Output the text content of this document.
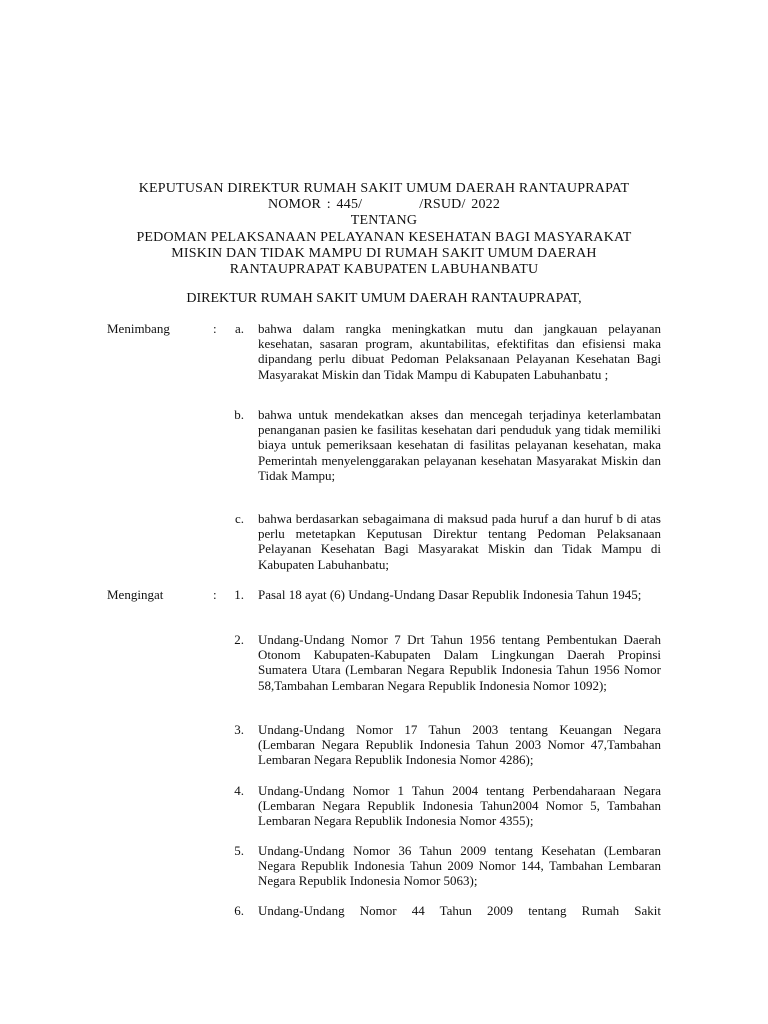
KEPUTUSAN DIREKTUR RUMAH SAKIT UMUM DAERAH RANTAUPRAPAT
NOMOR : 445/          /RSUD/ 2022
TENTANG
PEDOMAN PELAKSANAAN PELAYANAN KESEHATAN BAGI MASYARAKAT
MISKIN DAN TIDAK MAMPU DI RUMAH SAKIT UMUM DAERAH
RANTAUPRAPAT KABUPATEN LABUHANBATU
DIREKTUR RUMAH SAKIT UMUM DAERAH RANTAUPRAPAT,
Menimbang	:	a. bahwa dalam rangka meningkatkan mutu dan jangkauan pelayanan kesehatan, sasaran program, akuntabilitas, efektifitas dan efisiensi maka dipandang perlu dibuat Pedoman Pelaksanaan Pelayanan Kesehatan Bagi Masyarakat Miskin dan Tidak Mampu di Kabupaten Labuhanbatu ;
b. bahwa untuk mendekatkan akses dan mencegah terjadinya keterlambatan penanganan pasien ke fasilitas kesehatan dari penduduk yang tidak memiliki biaya untuk pemeriksaan kesehatan di fasilitas pelayanan kesehatan, maka Pemerintah menyelenggarakan pelayanan kesehatan Masyarakat Miskin dan Tidak Mampu;
c. bahwa berdasarkan sebagaimana di maksud pada huruf a dan huruf b di atas perlu metetapkan Keputusan Direktur tentang Pedoman Pelaksanaan Pelayanan Kesehatan Bagi Masyarakat Miskin dan Tidak Mampu di Kabupaten Labuhanbatu;
Mengingat	:	1. Pasal 18 ayat (6) Undang-Undang Dasar Republik Indonesia Tahun 1945;
2. Undang-Undang Nomor 7 Drt Tahun 1956 tentang Pembentukan Daerah Otonom Kabupaten-Kabupaten Dalam Lingkungan Daerah Propinsi Sumatera Utara (Lembaran Negara Republik Indonesia Tahun 1956 Nomor 58,Tambahan Lembaran Negara Republik Indonesia Nomor 1092);
3. Undang-Undang Nomor 17 Tahun 2003 tentang Keuangan Negara (Lembaran Negara Republik Indonesia Tahun 2003 Nomor 47,Tambahan Lembaran Negara Republik Indonesia Nomor 4286);
4. Undang-Undang Nomor 1 Tahun 2004 tentang Perbendaharaan Negara (Lembaran Negara Republik Indonesia Tahun2004 Nomor 5, Tambahan Lembaran Negara Republik Indonesia Nomor 4355);
5. Undang-Undang Nomor 36 Tahun 2009 tentang Kesehatan (Lembaran Negara Republik Indonesia Tahun 2009 Nomor 144, Tambahan Lembaran Negara Republik Indonesia Nomor 5063);
6. Undang-Undang Nomor 44 Tahun 2009 tentang Rumah Sakit
